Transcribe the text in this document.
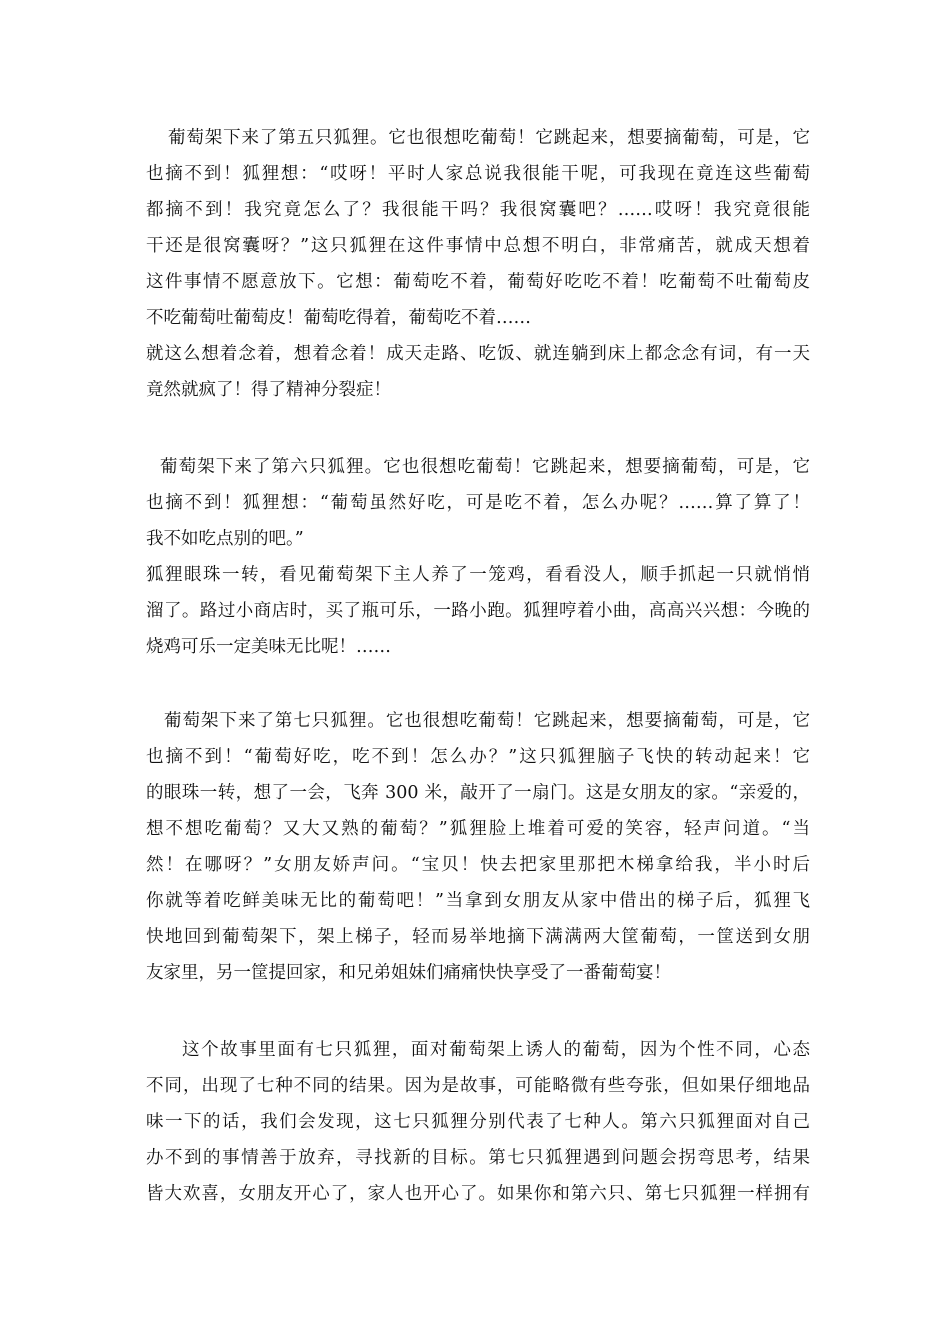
葡萄架下来了第五只狐狸。它也很想吃葡萄！它跳起来，想要摘葡萄，可是，它
也摘不到！狐狸想：“哎呀！平时人家总说我很能干呢，可我现在竟连这些葡萄
都摘不到！我究竟怎么了？我很能干吗？我很窝囊吧？……哎呀！我究竟很能
干还是很窝囊呀？”这只狐狸在这件事情中总想不明白，非常痛苦，就成天想着
这件事情不愿意放下。它想：葡萄吃不着，葡萄好吃吃不着！吃葡萄不吐葡萄皮
不吃葡萄吐葡萄皮！葡萄吃得着，葡萄吃不着……
就这么想着念着，想着念着！成天走路、吃饭、就连躺到床上都念念有词，有一天
竟然就疯了！得了精神分裂症！
葡萄架下来了第六只狐狸。它也很想吃葡萄！它跳起来，想要摘葡萄，可是，它
也摘不到！狐狸想：“葡萄虽然好吃，可是吃不着，怎么办呢？……算了算了！
我不如吃点别的吧。”
狐狸眼珠一转，看见葡萄架下主人养了一笼鸡，看看没人，顺手抓起一只就悄悄
溜了。路过小商店时，买了瓶可乐，一路小跑。狐狸哼着小曲，高高兴兴想：今晚的
烧鸡可乐一定美味无比呢！……
葡萄架下来了第七只狐狸。它也很想吃葡萄！它跳起来，想要摘葡萄，可是，它
也摘不到！“葡萄好吃，吃不到！怎么办？”这只狐狸脑子飞快的转动起来！它
的眼珠一转，想了一会，飞奔 300 米，敲开了一扇门。这是女朋友的家。“亲爱的，
想不想吃葡萄？又大又熟的葡萄？”狐狸脸上堆着可爱的笑容，轻声问道。“当
然！在哪呀？”女朋友娇声问。“宝贝！快去把家里那把木梯拿给我，半小时后
你就等着吃鲜美味无比的葡萄吧！”当拿到女朋友从家中借出的梯子后，狐狸飞
快地回到葡萄架下，架上梯子，轻而易举地摘下满满两大筐葡萄，一筐送到女朋
友家里，另一筐提回家，和兄弟姐妹们痛痛快快享受了一番葡萄宴！
这个故事里面有七只狐狸，面对葡萄架上诱人的葡萄，因为个性不同，心态
不同，出现了七种不同的结果。因为是故事，可能略微有些夸张，但如果仔细地品
味一下的话，我们会发现，这七只狐狸分别代表了七种人。第六只狐狸面对自己
办不到的事情善于放弃，寻找新的目标。第七只狐狸遇到问题会拐弯思考，结果
皆大欢喜，女朋友开心了，家人也开心了。如果你和第六只、第七只狐狸一样拥有
